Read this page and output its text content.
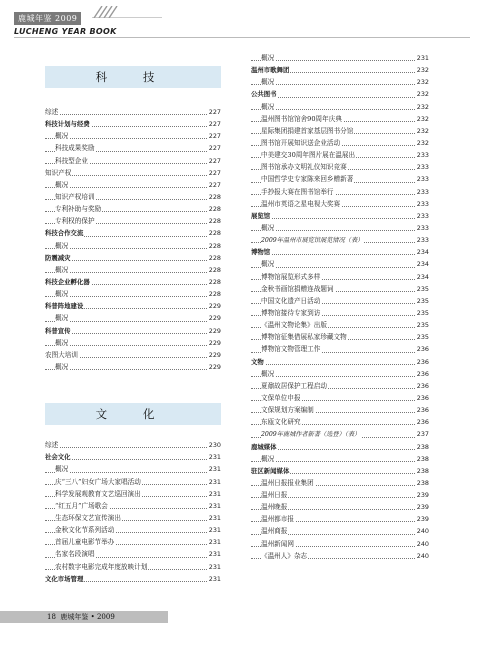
鹿城年鉴 2009
LUCHENG YEAR BOOK
科 技
综述	227
科技计划与经费	227
概况	227
科技成果奖励	227
科技型企业	227
知识产权	227
概况	227
知识产权培训	228
专利补助与奖励	228
专利权的保护	228
科技合作交流	228
概况	228
防震减灾	228
概况	228
科技企业孵化器	228
概况	228
科普阵地建设	229
概况	229
科普宣传	229
概况	229
农图大培训	229
概况	229
文 化
综述	230
社会文化	231
概况	231
庆“三八”妇女广场大家唱活动	231
科学发展观教育文艺巡回演出	231
“红五月”广场歌会	231
生态环保文艺宣传演出	231
金秋文化节系列活动	231
首届儿童电影节举办	231
名家名段演唱	231
农村数字电影完成年度放映计划	231
文化市场管理	231
概况	231
温州市歌舞团	232
概况	232
公共图书	232
概况	232
温州图书馆馆舍90周年庆典	232
星际集团捐建首家基层图书分馆	232
图书馆开展知识送企业活动	232
中美建交30周年图片展在温展出	233
图书馆承办文明礼仪知识竞赛	233
中国哲学史专家陈来回乡赠新著	233
手抄报大赛在图书馆举行	233
温州市英语之星电视大奖赛	233
展览馆	233
概况	233
2009年温州市展览馆展览情况（表）	233
博物馆	234
概况	234
博物馆展览形式多样	234
金秋书画馆捐赠连战题词	235
中国文化遗产日活动	235
博物馆接待专家到访	235
《温州文物论集》出版	235
博物馆征集借展私家珍藏文物	235
博物馆文物管理工作	236
文物	236
概况	236
夏鼐故居保护工程启动	236
文保单位申报	236
文保规划方案编制	236
东瓯文化研究	236
2009年鹿城作者新著（选登）（表）	237
鹿城媒体	238
概况	238
驻区新闻媒体	238
温州日报报业集团	238
温州日报	239
温州晚报	239
温州都市报	239
温州商报	240
温州新闻网	240
《温州人》杂志	240
18 鹿城年鉴 • 2009
